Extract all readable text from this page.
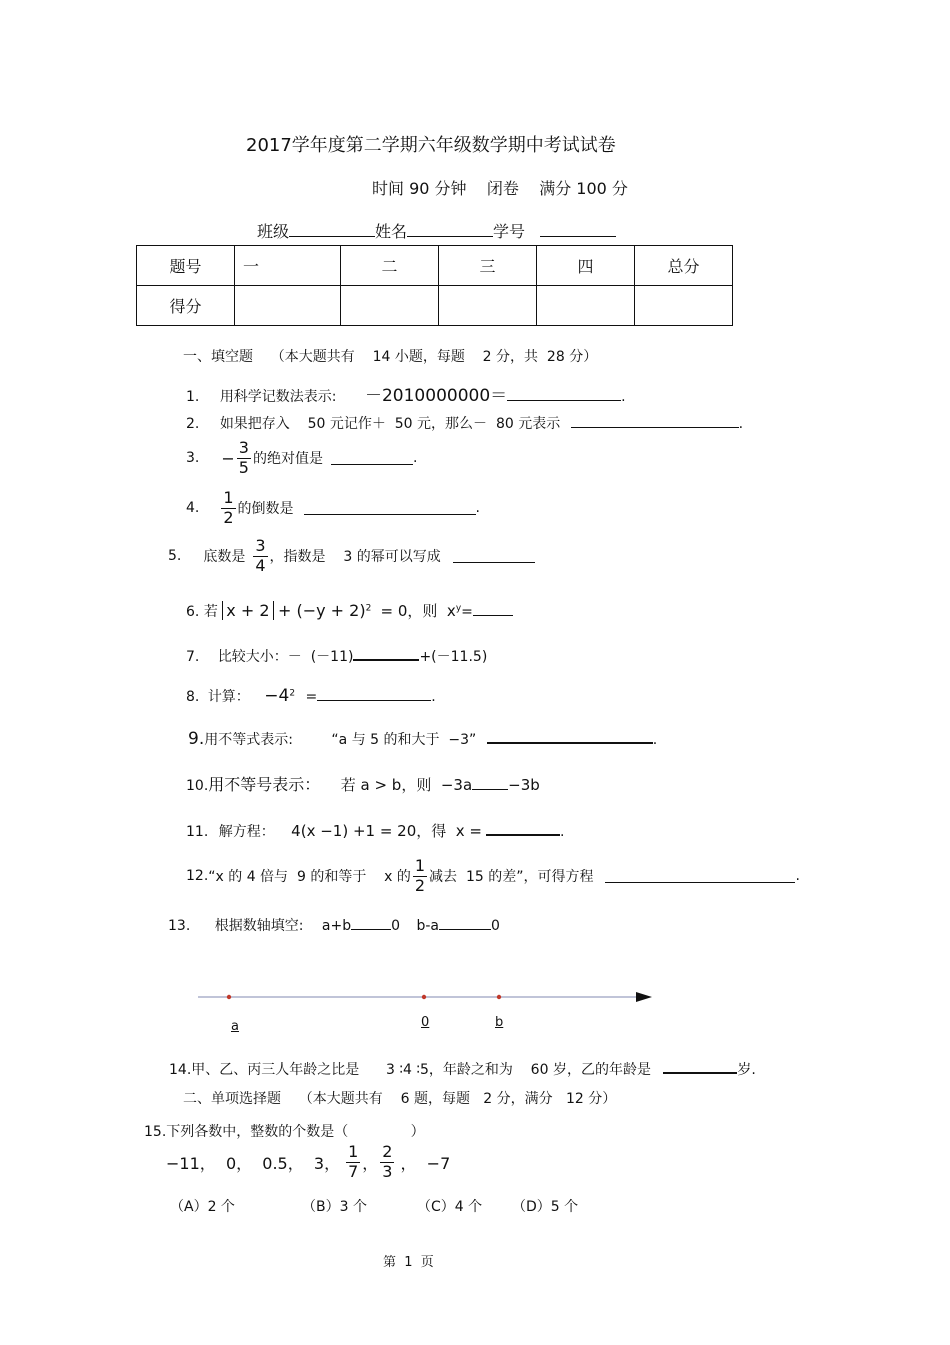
2017学年度第二学期六年级数学期中考试试卷
时间 90 分钟    闭卷    满分 100 分
班级	姓名	学号
题号	一	二	三	四	总分
得分					
一、填空题    （本大题共有    14 小题，每题    2 分，共  28 分）
1. 用科学记数法表示: －2010000000＝	.
2. 如果把存入    50 元记作＋  50 元，那么－  80 元表示	.
3. − $\frac{3}{5}$ 的绝对值是	.
4. $\frac{1}{2}$ 的倒数是	.
5. 底数是 $\frac{3}{4}$ ，指数是    3 的幂可以写成
6. 若 $x + 2 + (-y + 2)^2 = 0$，则  $x^y=$
7. 比较大小：－  (－11)	+(－11.5)
8. 计算： $-4^2$ =	.
9.用不等式表示:	“a 与 5 的和大于  −3”	.
10.用不等号表示： 若 a > b，则  −3a −3b
11. 解方程： 4(x −1) +1 = 20，得  x =	.
12. “x 的 4 倍与  9 的和等于    x 的 $\frac{1}{2}$ 减去  15 的差”，可得方程	.
13. 根据数轴填空: a+b	0 b-a	0
a	0	b
14.甲、乙、丙三人年龄之比是      3 ∶4 ∶5，年龄之和为    60 岁，乙的年龄是	岁.
二、单项选择题    （本大题共有    6 题，每题   2 分，满分   12 分）
15.下列各数中，整数的个数是（              ）
−11，  0，  0.5，  3， $\frac{1}{7}$ ， $\frac{2}{3}$ ，  −7
（A）2 个	（B）3 个	（C）4 个 （D）5 个
第  1  页
